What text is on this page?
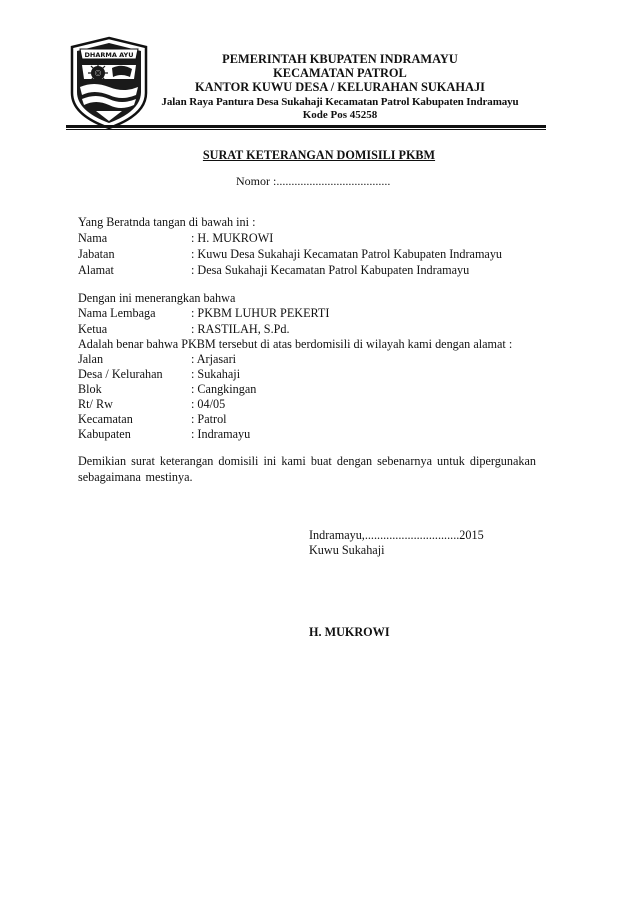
DHARMA AYU	PEMERINTAH KBUPATEN INDRAMAYU
KECAMATAN PATROL
KANTOR KUWU DESA / KELURAHAN SUKAHAJI
Jalan Raya Pantura Desa Sukahaji Kecamatan Patrol Kabupaten Indramayu
Kode Pos 45258
SURAT KETERANGAN DOMISILI PKBM
Nomor :......................................
Yang Beratnda tangan di bawah ini :
Nama	: H. MUKROWI
Jabatan	: Kuwu Desa Sukahaji Kecamatan Patrol Kabupaten Indramayu
Alamat	: Desa Sukahaji Kecamatan Patrol Kabupaten Indramayu
Dengan ini menerangkan bahwa
Nama Lembaga	: PKBM LUHUR PEKERTI
Ketua	: RASTILAH, S.Pd.
Adalah benar bahwa PKBM tersebut di atas berdomisili di wilayah kami dengan alamat :
Jalan	: Arjasari
Desa / Kelurahan : Sukahaji
Blok	: Cangkingan
Rt/ Rw	: 04/05
Kecamatan	: Patrol
Kabupaten	: Indramayu
Demikian surat keterangan domisili ini kami buat dengan sebenarnya untuk dipergunakan sebagaimana mestinya.
Indramayu,...............................2015
Kuwu Sukahaji
H. MUKROWI
